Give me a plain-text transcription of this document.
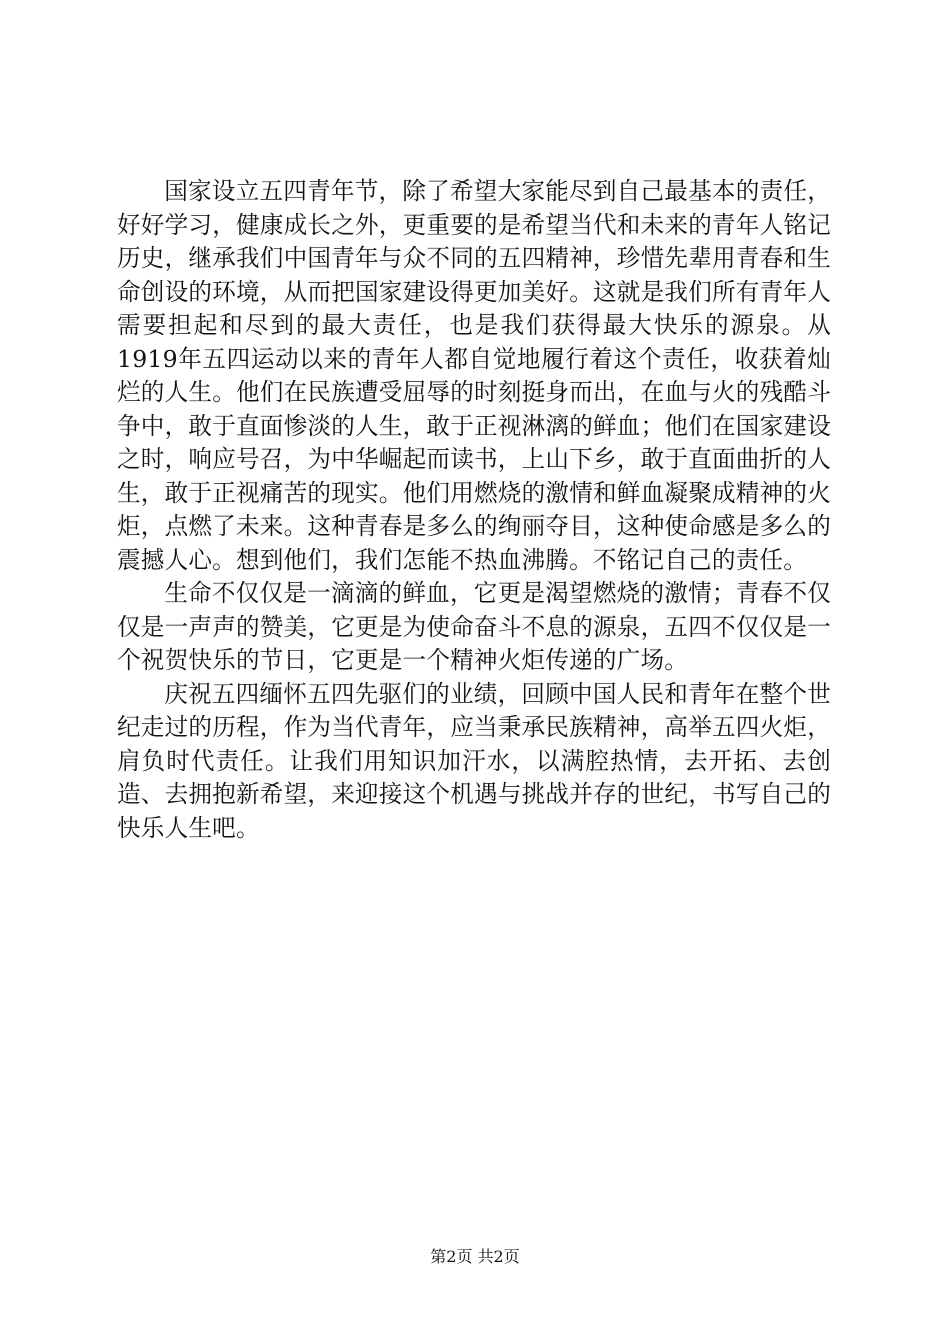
国家设立五四青年节，除了希望大家能尽到自己最基本的责任，好好学习，健康成长之外，更重要的是希望当代和未来的青年人铭记历史，继承我们中国青年与众不同的五四精神，珍惜先辈用青春和生命创设的环境，从而把国家建设得更加美好。这就是我们所有青年人需要担起和尽到的最大责任，也是我们获得最大快乐的源泉。从1919年五四运动以来的青年人都自觉地履行着这个责任，收获着灿烂的人生。他们在民族遭受屈辱的时刻挺身而出，在血与火的残酷斗争中，敢于直面惨淡的人生，敢于正视淋漓的鲜血；他们在国家建设之时，响应号召，为中华崛起而读书，上山下乡，敢于直面曲折的人生，敢于正视痛苦的现实。他们用燃烧的激情和鲜血凝聚成精神的火炬，点燃了未来。这种青春是多么的绚丽夺目，这种使命感是多么的震撼人心。想到他们，我们怎能不热血沸腾。不铭记自己的责任。

生命不仅仅是一滴滴的鲜血，它更是渴望燃烧的激情；青春不仅仅是一声声的赞美，它更是为使命奋斗不息的源泉，五四不仅仅是一个祝贺快乐的节日，它更是一个精神火炬传递的广场。

庆祝五四缅怀五四先驱们的业绩，回顾中国人民和青年在整个世纪走过的历程，作为当代青年，应当秉承民族精神，高举五四火炬，肩负时代责任。让我们用知识加汗水，以满腔热情，去开拓、去创造、去拥抱新希望，来迎接这个机遇与挑战并存的世纪，书写自己的快乐人生吧。

第2页 共2页
